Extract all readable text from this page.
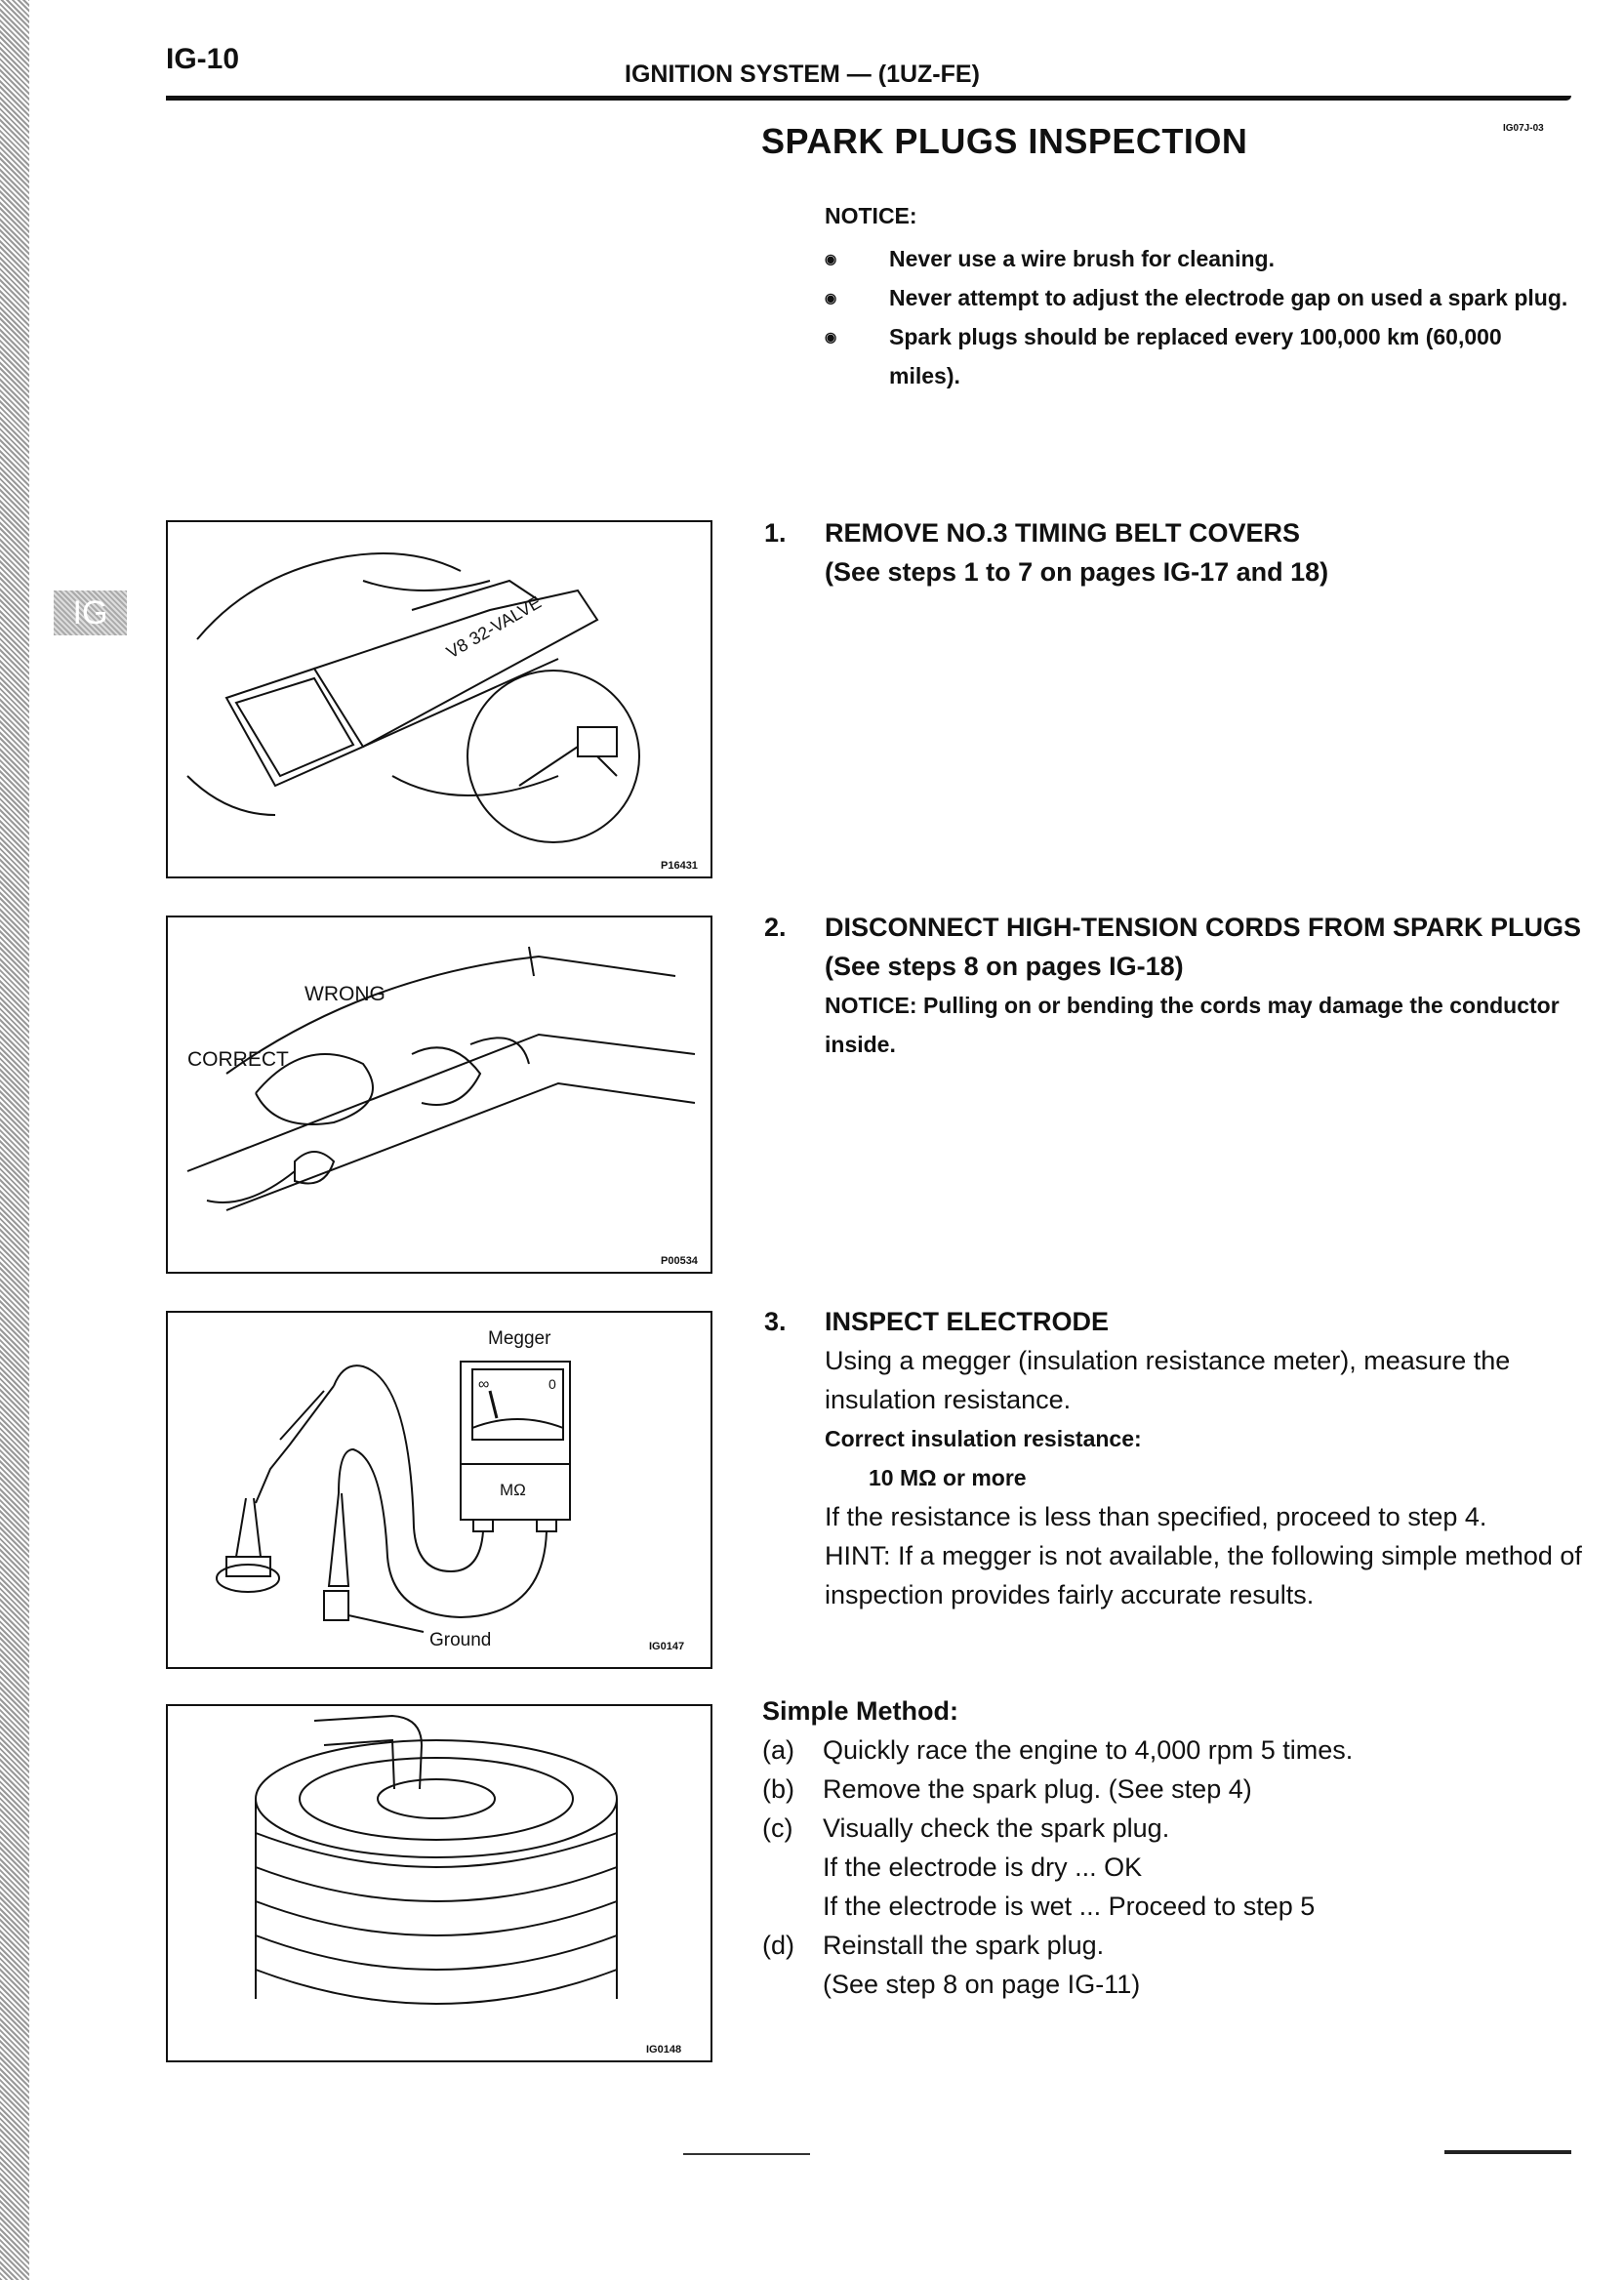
IG
IG-10	IGNITION SYSTEM — (1UZ-FE)
IG07J-03
SPARK PLUGS INSPECTION
NOTICE:
◉ Never use a wire brush for cleaning.
◉ Never attempt to adjust the electrode gap on used a spark plug.
◉ Spark plugs should be replaced every 100,000 km (60,000 miles).
V8 32-VALVE
P16431
1. REMOVE NO.3 TIMING BELT COVERS
(See steps 1 to 7 on pages IG-17 and 18)
WRONG
CORRECT
P00534
2. DISCONNECT HIGH-TENSION CORDS FROM SPARK PLUGS
(See steps 8 on pages IG-18)
NOTICE: Pulling on or bending the cords may damage the conductor inside.
Megger
∞	0
MΩ
Ground	IG0147
3. INSPECT ELECTRODE
Using a megger (insulation resistance meter), measure the insulation resistance.
Correct insulation resistance:
10 MΩ or more
If the resistance is less than specified, proceed to step 4.
HINT: If a megger is not available, the following simple method of inspection provides fairly accurate results.
IG0148
Simple Method:
(a) Quickly race the engine to 4,000 rpm 5 times.
(b) Remove the spark plug. (See step 4)
(c) Visually check the spark plug.
If the electrode is dry ... OK
If the electrode is wet ... Proceed to step 5
(d) Reinstall the spark plug.
(See step 8 on page IG-11)
